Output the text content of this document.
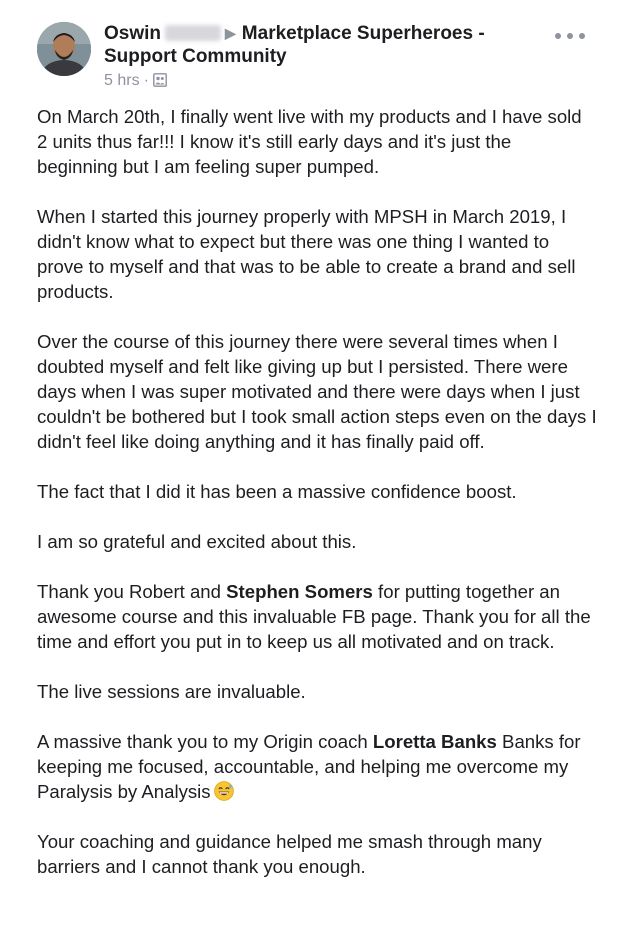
Oswin	▶ Marketplace Superheroes - Support Community
5 hrs ·

On March 20th, I finally went live with my products and I have sold 2 units thus far!!! I know it's still early days and it's just the beginning but I am feeling super pumped.

When I started this journey properly with MPSH in March 2019, I didn't know what to expect but there was one thing I wanted to prove to myself and that was to be able to create a brand and sell products.

Over the course of this journey there were several times when I doubted myself and felt like giving up but I persisted. There were days when I was super motivated and there were days when I just couldn't be bothered but I took small action steps even on the days I didn't feel like doing anything and it has finally paid off.

The fact that I did it has been a massive confidence boost.

I am so grateful and excited about this.

Thank you Robert and Stephen Somers for putting together an awesome course and this invaluable FB page. Thank you for all the time and effort you put in to keep us all motivated and on track.

The live sessions are invaluable.

A massive thank you to my Origin coach Loretta Banks Banks for keeping me focused, accountable, and helping me overcome my Paralysis by Analysis

Your coaching and guidance helped me smash through many barriers and I cannot thank you enough.
